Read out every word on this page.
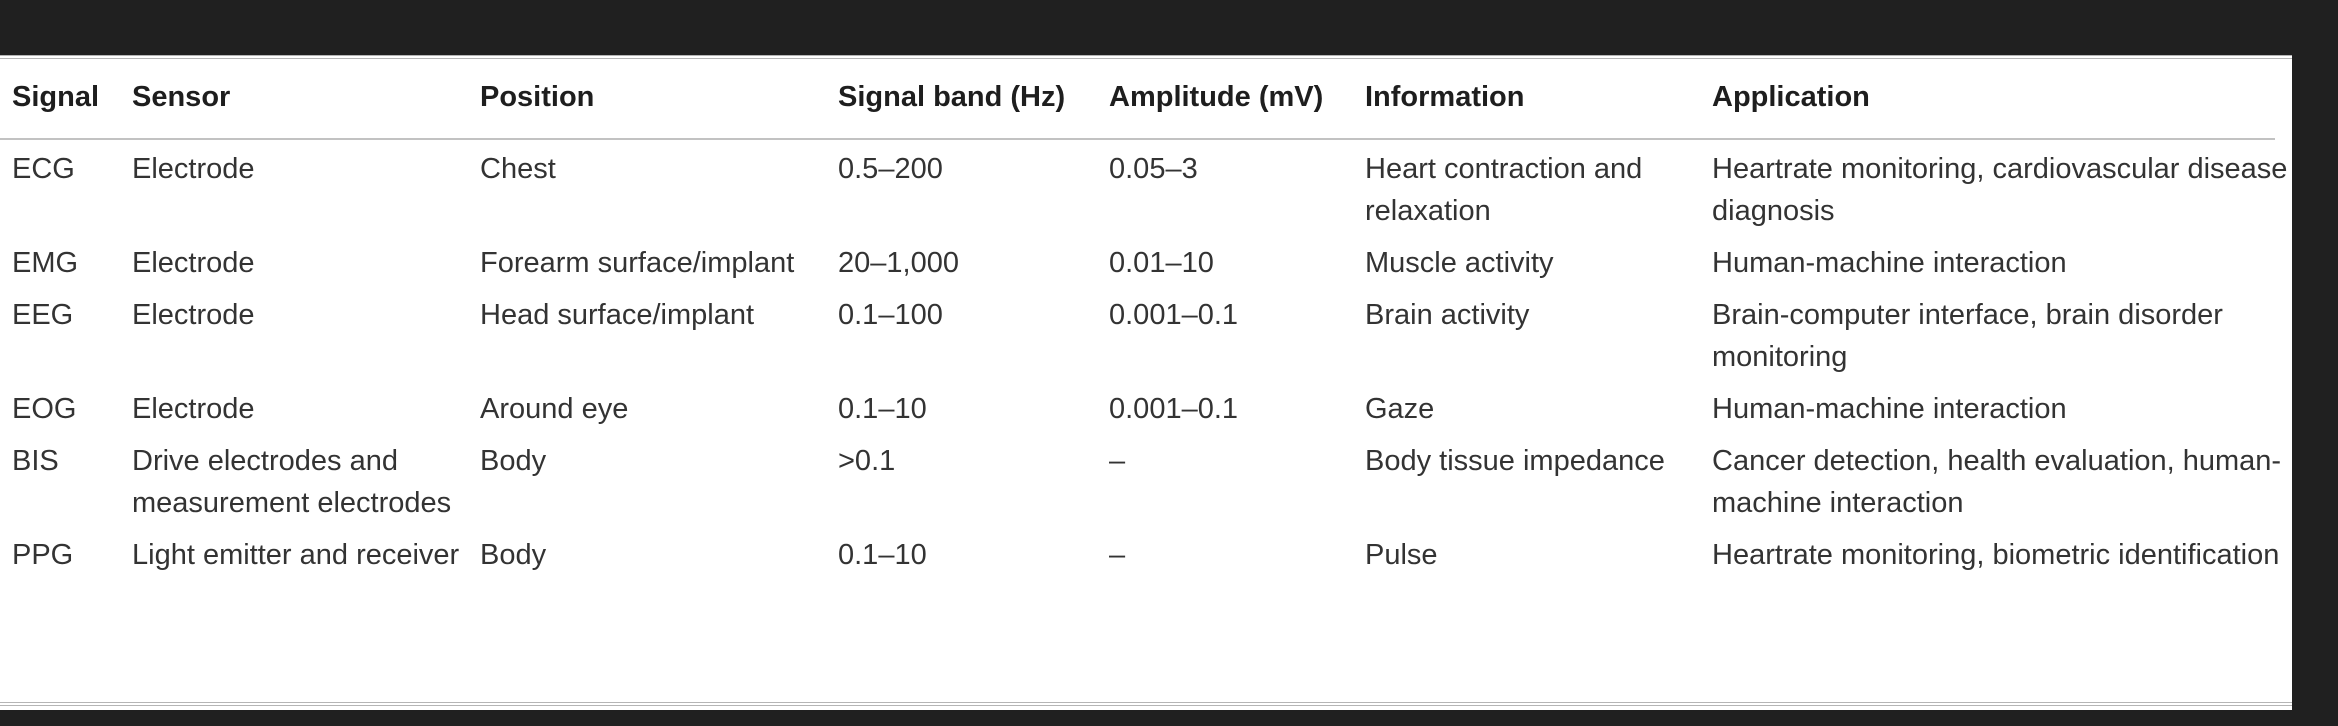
Signal	Sensor	Position	Signal band (Hz)	Amplitude (mV)	Information	Application
ECG	Electrode	Chest	0.5–200	0.05–3	Heart contraction and relaxation	Heartrate monitoring, cardiovascular disease diagnosis
EMG	Electrode	Forearm surface/implant	20–1,000	0.01–10	Muscle activity	Human-machine interaction
EEG	Electrode	Head surface/implant	0.1–100	0.001–0.1	Brain activity	Brain-computer interface, brain disorder monitoring
EOG	Electrode	Around eye	0.1–10	0.001–0.1	Gaze	Human-machine interaction
BIS	Drive electrodes and measurement electrodes	Body	>0.1	–	Body tissue impedance	Cancer detection, health evaluation, human-machine interaction
PPG	Light emitter and receiver	Body	0.1–10	–	Pulse	Heartrate monitoring, biometric identification
